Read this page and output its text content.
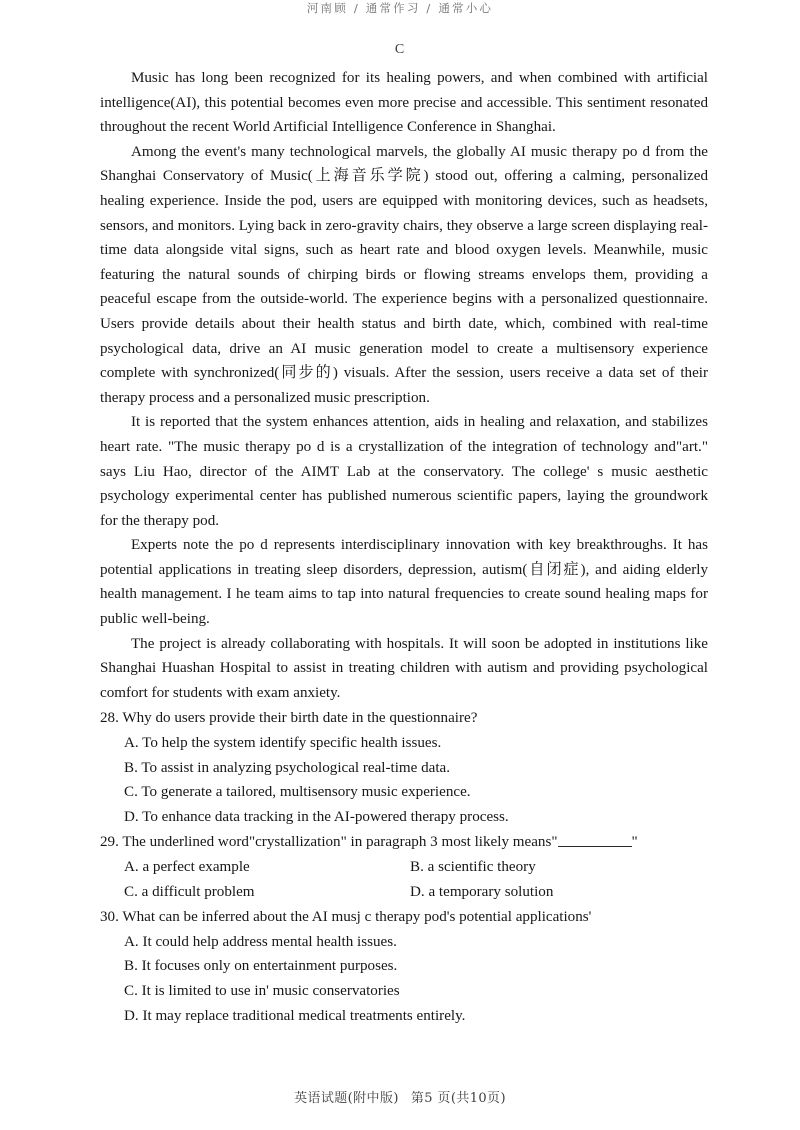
河南顾 / 通常作习 / 通常小心
C

Music has long been recognized for its healing powers, and when combined with artificial intelligence(AI), this potential becomes even more precise and accessible. This sentiment resonated throughout the recent World Artificial Intelligence Conference in Shanghai.

Among the event's many technological marvels, the globally AI music therapy po d from the Shanghai Conservatory of Music(上海音乐学院) stood out, offering a calming, personalized healing experience. Inside the pod, users are equipped with monitoring devices, such as headsets, sensors, and monitors. Lying back in zero-gravity chairs, they observe a large screen displaying real-time data alongside vital signs, such as heart rate and blood oxygen levels. Meanwhile, music featuring the natural sounds of chirping birds or flowing streams envelops them, providing a peaceful escape from the outside-world. The experience begins with a personalized questionnaire. Users provide details about their health status and birth date, which, combined with real-time psychological data, drive an AI music generation model to create a multisensory experience complete with synchronized(同步的) visuals. After the session, users receive a data set of their therapy process and a personalized music prescription.

It is reported that the system enhances attention, aids in healing and relaxation, and stabilizes heart rate. "The music therapy po d is a crystallization of the integration of technology and"art." says Liu Hao, director of the AIMT Lab at the conservatory. The college' s music aesthetic psychology experimental center has published numerous scientific papers, laying the groundwork for the therapy pod.

Experts note the po d represents interdisciplinary innovation with key breakthroughs. It has potential applications in treating sleep disorders, depression, autism(自闭症), and aiding elderly health management. I he team aims to tap into natural frequencies to create sound healing maps for public well-being.

The project is already collaborating with hospitals. It will soon be adopted in institutions like Shanghai Huashan Hospital to assist in treating children with autism and providing psychological comfort for students with exam anxiety.

28. Why do users provide their birth date in the questionnaire?

A. To help the system identify specific health issues.
B. To assist in analyzing psychological real-time data.
C. To generate a tailored, multisensory music experience.
D. To enhance data tracking in the AI-powered therapy process.

29. The underlined word"crystallization" in paragraph 3 most likely means"	"

A. a perfect example	B. a scientific theory
C. a difficult problem	D. a temporary solution

30. What can be inferred about the AI musj c therapy pod's potential applications'

A. It could help address mental health issues.
B. It focuses only on entertainment purposes.
C. It is limited to use in' music conservatories
D. It may replace traditional medical treatments entirely.
英语试题(附中版) 第5 页(共10页)
